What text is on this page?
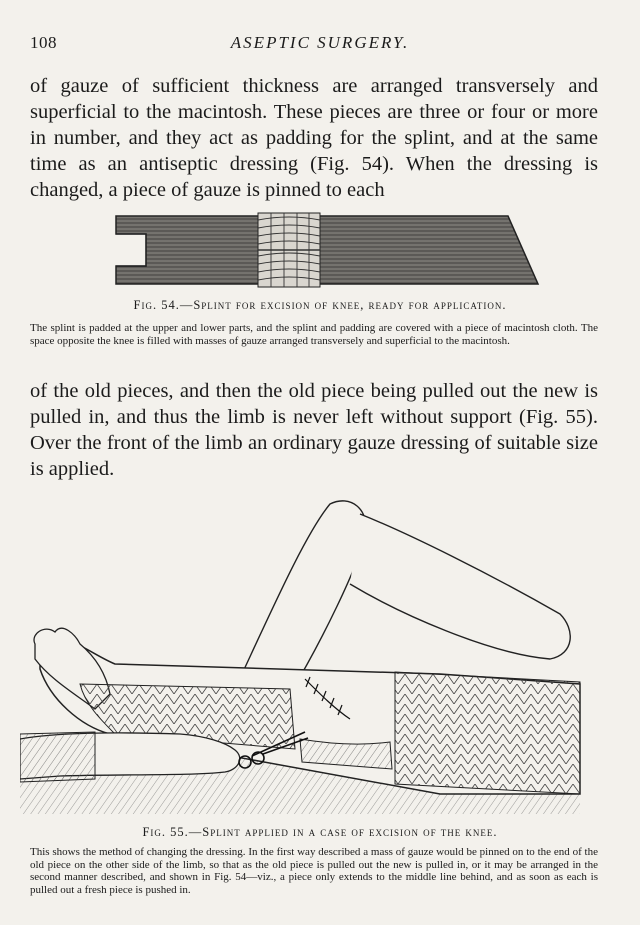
108	ASEPTIC SURGERY.

of gauze of sufficient thickness are arranged transversely and superficial to the macintosh. These pieces are three or four or more in number, and they act as padding for the splint, and at the same time as an antiseptic dressing (Fig. 54). When the dressing is changed, a piece of gauze is pinned to each

Fig. 54.—Splint for excision of knee, ready for application.

The splint is padded at the upper and lower parts, and the splint and padding are covered with a piece of macintosh cloth. The space opposite the knee is filled with masses of gauze arranged transversely and superficial to the macintosh.

of the old pieces, and then the old piece being pulled out the new is pulled in, and thus the limb is never left without support (Fig. 55). Over the front of the limb an ordinary gauze dressing of suitable size is applied.

Fig. 55.—Splint applied in a case of excision of the knee.

This shows the method of changing the dressing. In the first way described a mass of gauze would be pinned on to the end of the old piece on the other side of the limb, so that as the old piece is pulled out the new is pulled in, or it may be arranged in the second manner described, and shown in Fig. 54—viz., a piece only extends to the middle line behind, and as soon as each is pulled out a fresh piece is pushed in.
